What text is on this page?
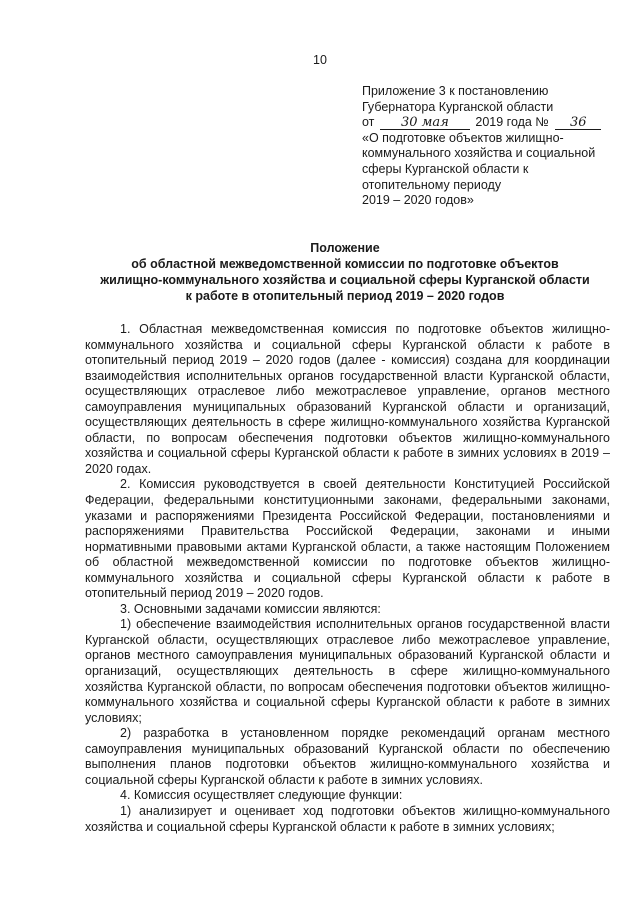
10
Приложение 3 к постановлению
Губернатора Курганской области
от 30 мая 2019 года № 36
«О подготовке объектов жилищно-
коммунального хозяйства и социальной
сферы Курганской области к
отопительному периоду
2019 – 2020 годов»
Положение
об областной межведомственной комиссии по подготовке объектов
жилищно-коммунального хозяйства и социальной сферы Курганской области
к работе в отопительный период 2019 – 2020 годов

1. Областная межведомственная комиссия по подготовке объектов жилищно-коммунального хозяйства и социальной сферы Курганской области к работе в отопительный период 2019 – 2020 годов (далее - комиссия) создана для координации взаимодействия исполнительных органов государственной власти Курганской области, осуществляющих отраслевое либо межотраслевое управление, органов местного самоуправления муниципальных образований Курганской области и организаций, осуществляющих деятельность в сфере жилищно-коммунального хозяйства Курганской области, по вопросам обеспечения подготовки объектов жилищно-коммунального хозяйства и социальной сферы Курганской области к работе в зимних условиях в 2019 – 2020 годах.

2. Комиссия руководствуется в своей деятельности Конституцией Российской Федерации, федеральными конституционными законами, федеральными законами, указами и распоряжениями Президента Российской Федерации, постановлениями и распоряжениями Правительства Российской Федерации, законами и иными нормативными правовыми актами Курганской области, а также настоящим Положением об областной межведомственной комиссии по подготовке объектов жилищно-коммунального хозяйства и социальной сферы Курганской области к работе в отопительный период 2019 – 2020 годов.

3. Основными задачами комиссии являются:

1) обеспечение взаимодействия исполнительных органов государственной власти Курганской области, осуществляющих отраслевое либо межотраслевое управление, органов местного самоуправления муниципальных образований Курганской области и организаций, осуществляющих деятельность в сфере жилищно-коммунального хозяйства Курганской области, по вопросам обеспечения подготовки объектов жилищно-коммунального хозяйства и социальной сферы Курганской области к работе в зимних условиях;

2) разработка в установленном порядке рекомендаций органам местного самоуправления муниципальных образований Курганской области по обеспечению выполнения планов подготовки объектов жилищно-коммунального хозяйства и социальной сферы Курганской области к работе в зимних условиях.

4. Комиссия осуществляет следующие функции:

1) анализирует и оценивает ход подготовки объектов жилищно-коммунального хозяйства и социальной сферы Курганской области к работе в зимних условиях;
